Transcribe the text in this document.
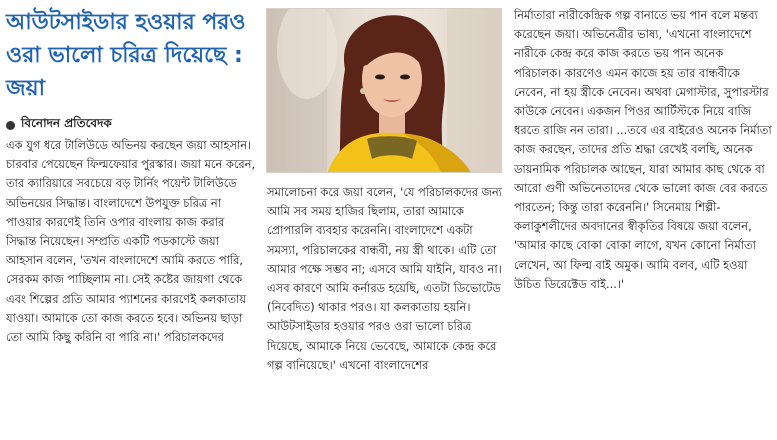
আউটসাইডার হওয়ার পরও ওরা ভালো চরিত্র দিয়েছে : জয়া
বিনোদন প্রতিবেদক

এক যুগ ধরে টালিউডে অভিনয় করছেন জয়া আহসান। চারবার পেয়েছেন ফিল্মফেয়ার পুরস্কার। জয়া মনে করেন, তার ক্যারিয়ারে সবচেয়ে বড় টার্নিং পয়েন্ট টালিউডে অভিনয়ের সিদ্ধান্ত। বাংলাদেশে উপযুক্ত চরিত্র না পাওয়ার কারণেই তিনি ওপার বাংলায় কাজ করার সিদ্ধান্ত নিয়েছেন। সম্প্রতি একটি পডকাস্টে জয়া আহসান বলেন, 'তখন বাংলাদেশে আমি করতে পারি, সেরকম কাজ পাচ্ছিলাম না। সেই কষ্টের জায়গা থেকে এবং শিল্পের প্রতি আমার প্যাশনের কারণেই কলকাতায় যাওয়া। আমাকে তো কাজ করতে হবে। অভিনয় ছাড়া তো আমি কিছু করিনি বা পারি না।' পরিচালকদের

সমালোচনা করে জয়া বলেন, 'যে পরিচালকদের জন্য আমি সব সময় হাজির ছিলাম, তারা আমাকে প্রোপারলি ব্যবহার করেননি। বাংলাদেশে একটা সমস্যা, পরিচালকের বান্ধবী, নয় স্ত্রী থাকে। এটি তো আমার পক্ষে সম্ভব না; এসবে আমি যাইনি, যাবও না। এসব কারণে আমি কর্নারড হয়েছি, এতটা ডিভোটেড (নিবেদিত) থাকার পরও। যা কলকাতায় হয়নি। আউটসাইডার হওয়ার পরও ওরা ভালো চরিত্র দিয়েছে, আমাকে নিয়ে ভেবেছে, আমাকে কেন্দ্র করে গল্প বানিয়েছে।' এখনো বাংলাদেশের

নির্মাতারা নারীকেন্দ্রিক গল্প বানাতে ভয় পান বলে মন্তব্য করেছেন জয়া। অভিনেত্রীর ভাষ্য, 'এখনো বাংলাদেশে নারীকে কেন্দ্র করে কাজ করতে ভয় পান অনেক পরিচালক। কারণেও এমন কাজে হয় তার বান্ধবীকে নেবেন, না হয় স্ত্রীকে নেবেন। অথবা মেগাস্টার, সুপারস্টার কাউকে নেবেন। একজন পিওর আর্টিস্টকে নিয়ে বাজি ধরতে রাজি নন তারা। ...তবে এর বাইরেও অনেক নির্মাতা কাজ করছেন, তাদের প্রতি শ্রদ্ধা রেখেই বলছি, অনেক ডায়নামিক পরিচালক আছেন, যারা আমার কাছ থেকে বা আরো গুণী অভিনেতাদের থেকে ভালো কাজ বের করতে পারতেন; কিন্তু তারা করেননি।' সিনেমায় শিল্পী-কলাকুশলীদের অবদানের স্বীকৃতির বিষয়ে জয়া বলেন, 'আমার কাছে বোকা বোকা লাগে, যখন কোনো নির্মাতা লেখেন, আ ফিল্ম বাই অমুক। আমি বলব, এটি হওয়া উচিত ডিরেক্টেড বাই...।'
